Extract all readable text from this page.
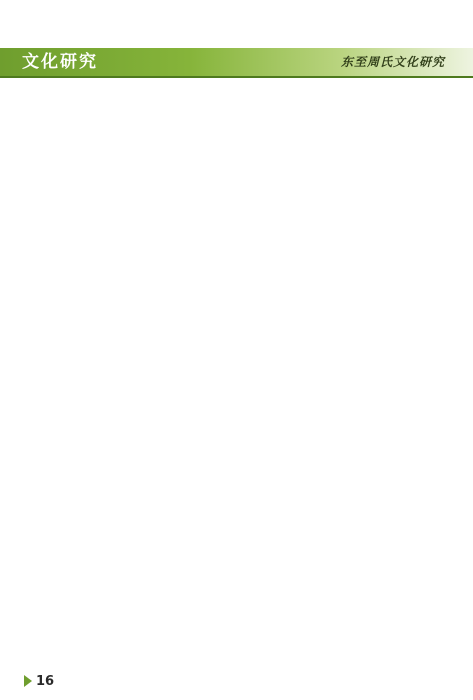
文化研究	东至周氏文化研究

16
